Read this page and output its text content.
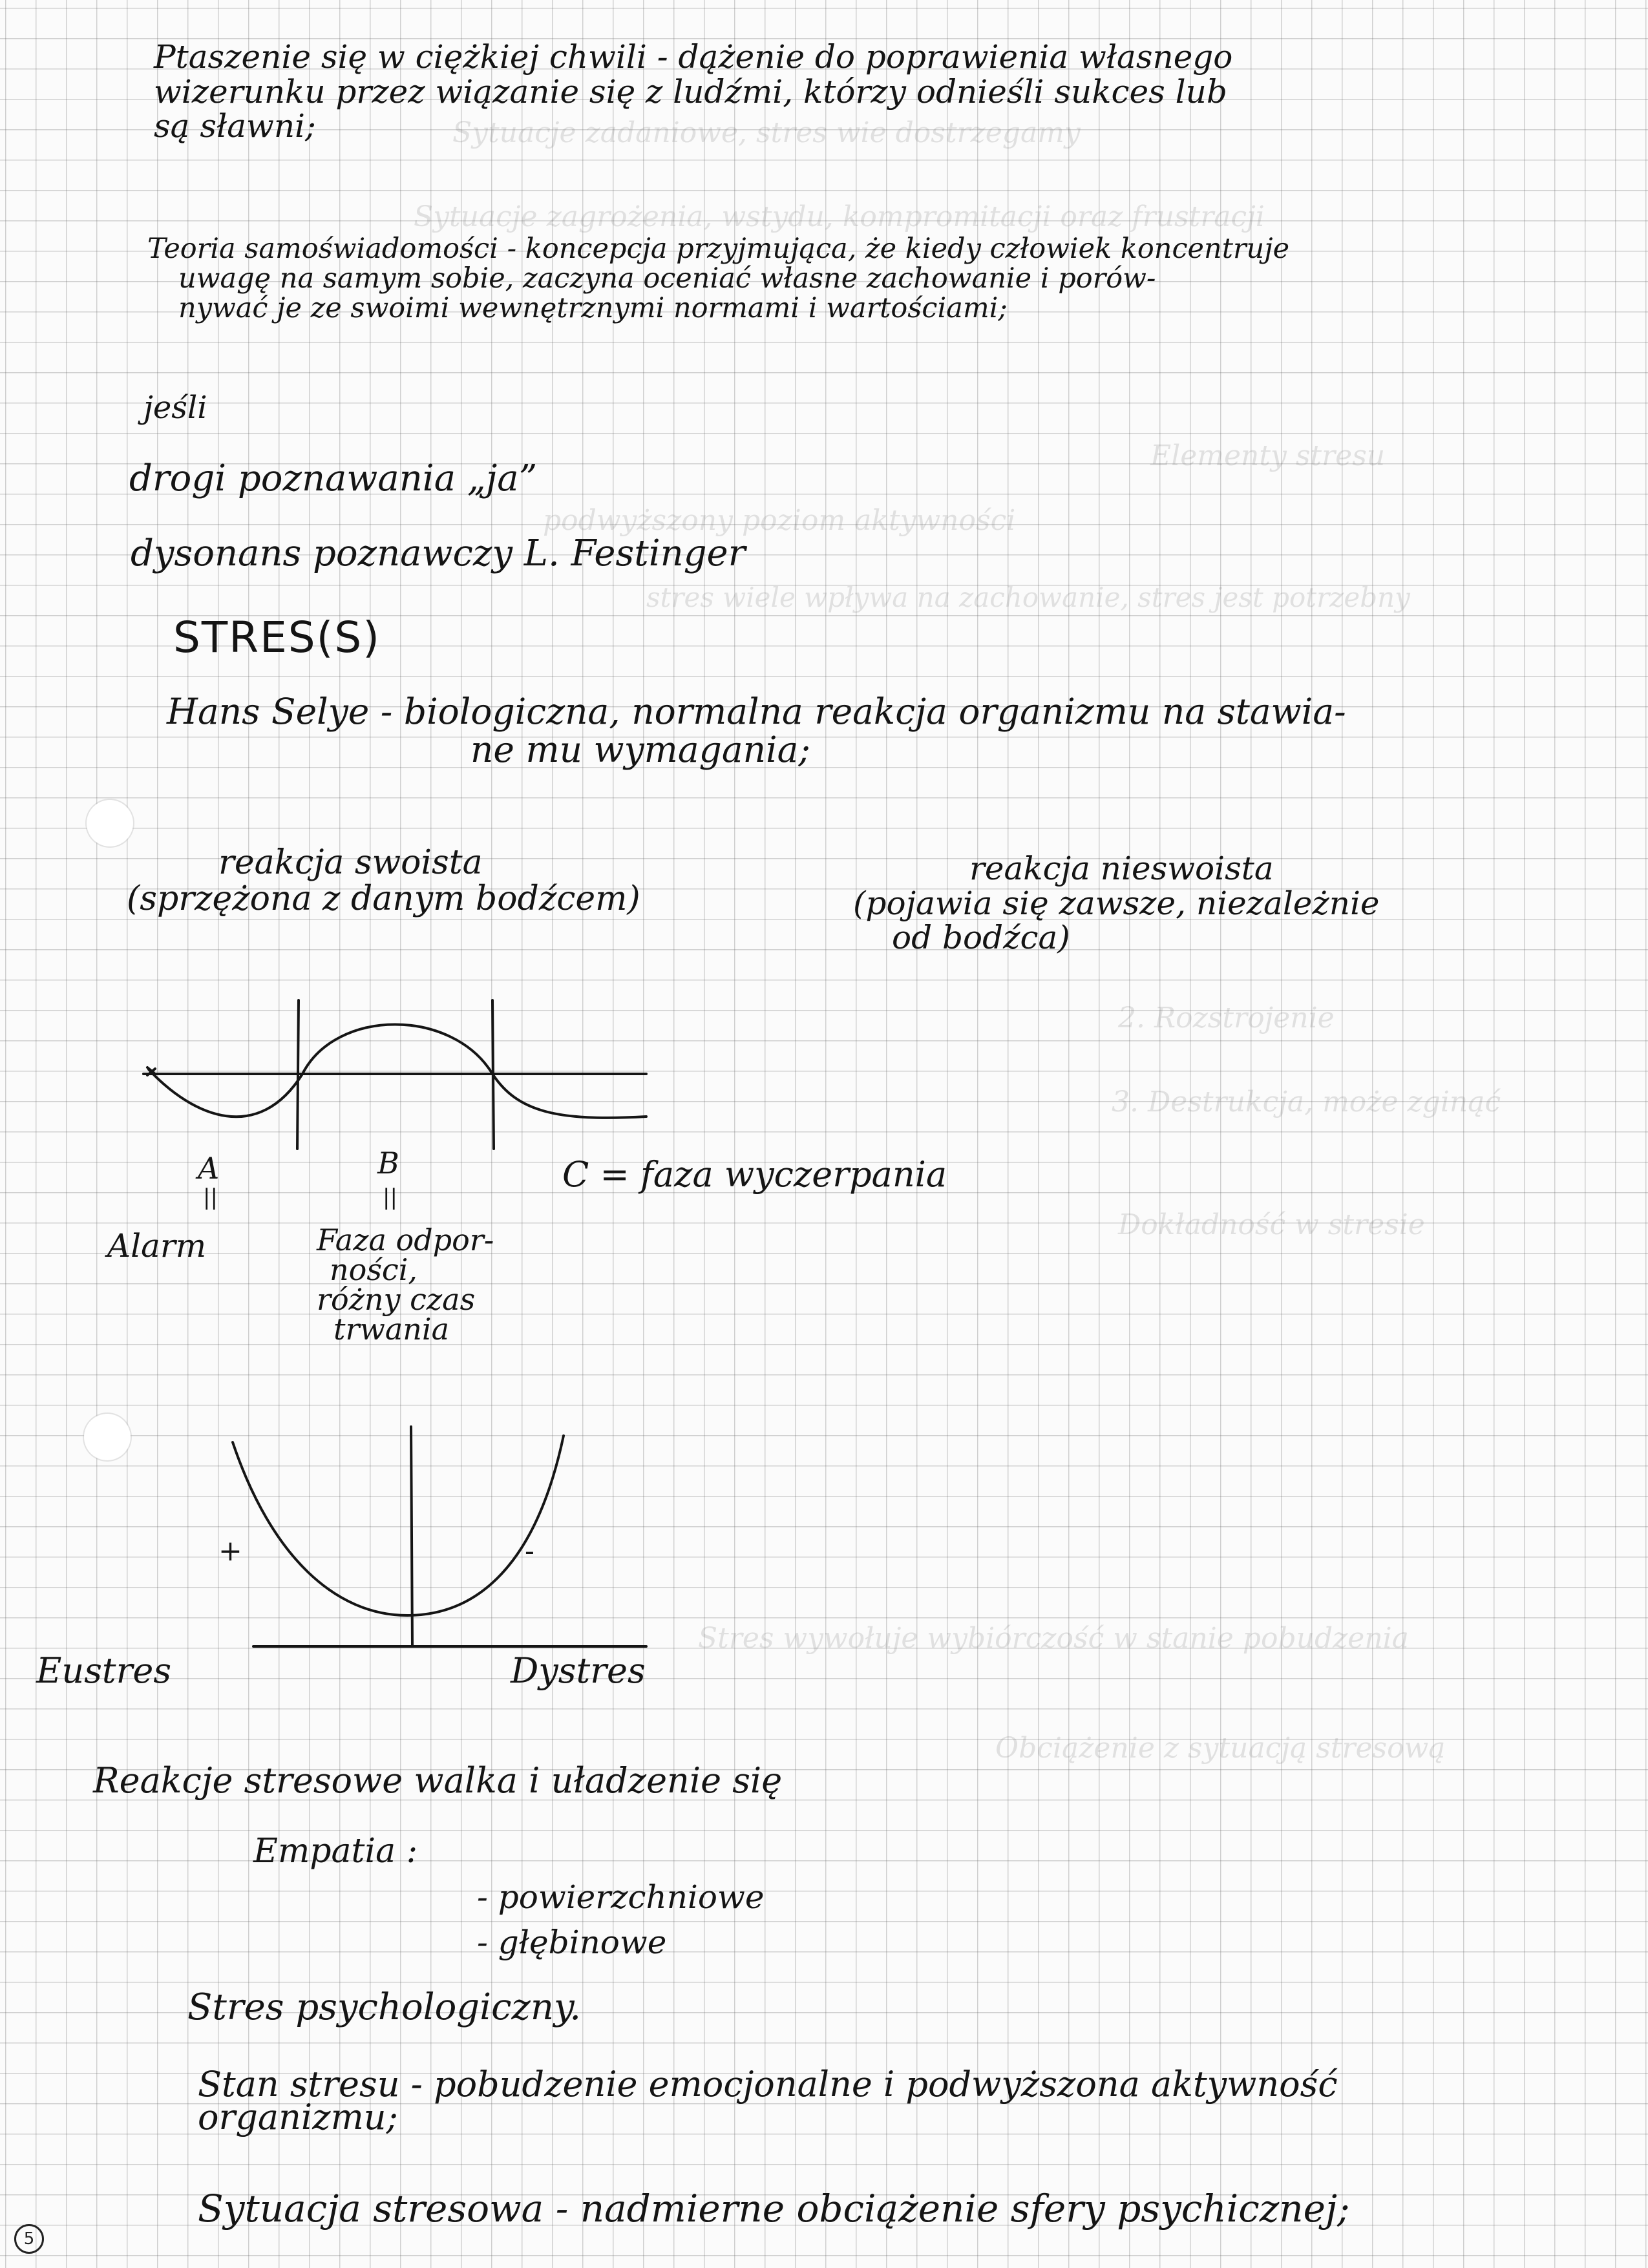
Sytuacje zadaniowe, stres wie dostrzegamy
Sytuacje zagrożenia, wstydu, kompromitacji oraz frustracji
Elementy stresu
podwyższony poziom aktywności
stres wiele wpływa na zachowanie, stres jest potrzebny
2. Rozstrojenie
3. Destrukcja, może zginąć
Dokładność w stresie
Stres wywołuje wybiórczość w stanie pobudzenia
Obciążenie z sytuacją stresową
Ptaszenie się w ciężkiej chwili - dążenie do poprawienia własnego
wizerunku przez wiązanie się z ludźmi, którzy odnieśli sukces lub
są sławni;
Teoria samoświadomości - koncepcja przyjmująca, że kiedy człowiek koncentruje
uwagę na samym sobie, zaczyna oceniać własne zachowanie i porów-
nywać je ze swoimi wewnętrznymi normami i wartościami;
jeśli
drogi poznawania „ja”
dysonans poznawczy L. Festinger
STRES(S)
Hans Selye - biologiczna, normalna reakcja organizmu na stawia-
ne mu wymagania;
reakcja swoista
(sprzężona z danym bodźcem)
reakcja nieswoista
(pojawia się zawsze, niezależnie
od bodźca)
A
||
Alarm
B
||
Faza odpor-
ności,
różny czas
trwania
C = faza wyczerpania
+	-
Eustres	Dystres
Reakcje stresowe walka i uładzenie się
Empatia :
- powierzchniowe
- głębinowe
Stres psychologiczny.
Stan stresu - pobudzenie emocjonalne i podwyższona aktywność
organizmu;
Sytuacja stresowa - nadmierne obciążenie sfery psychicznej;
5
